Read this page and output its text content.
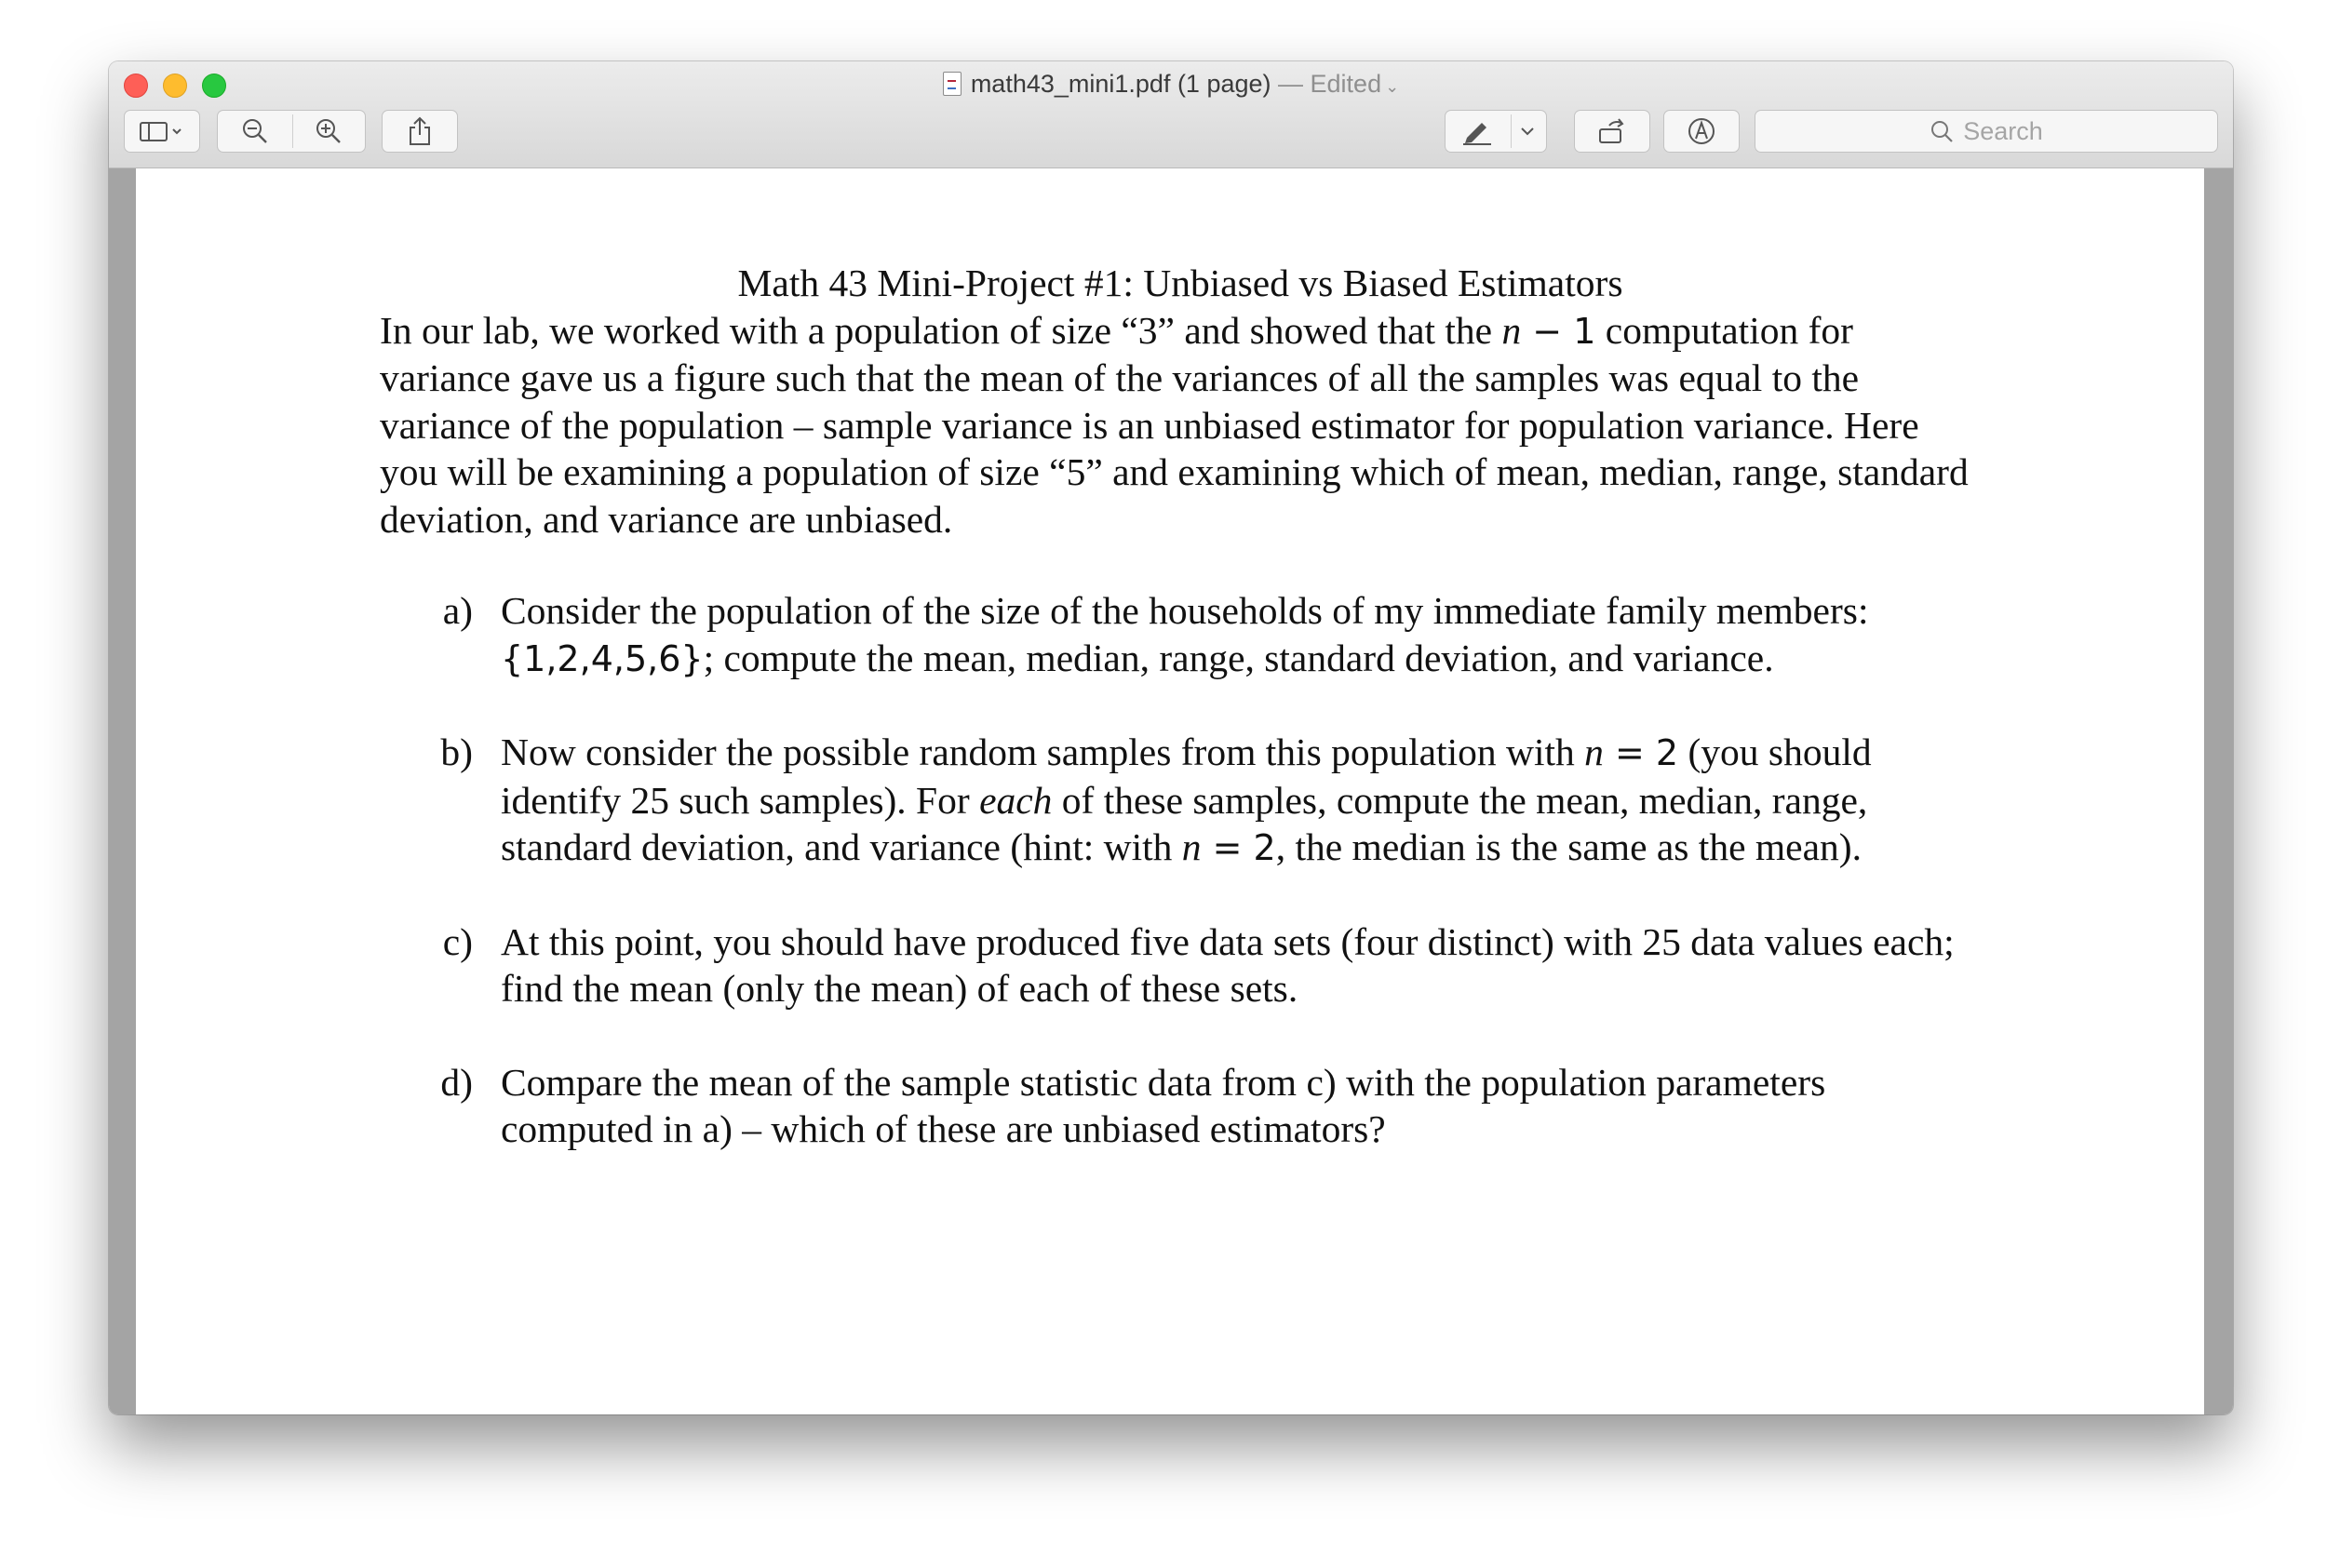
math43_mini1.pdf (1 page) — Edited ⌄
Search
Math 43 Mini-Project #1: Unbiased vs Biased Estimators

In our lab, we worked with a population of size “3” and showed that the n − 1 computation for variance gave us a figure such that the mean of the variances of all the samples was equal to the variance of the population – sample variance is an unbiased estimator for population variance. Here you will be examining a population of size “5” and examining which of mean, median, range, standard deviation, and variance are unbiased.

a) Consider the population of the size of the households of my immediate family members: {1,2,4,5,6}; compute the mean, median, range, standard deviation, and variance.
b) Now consider the possible random samples from this population with n = 2 (you should identify 25 such samples). For each of these samples, compute the mean, median, range, standard deviation, and variance (hint: with n = 2, the median is the same as the mean).
c) At this point, you should have produced five data sets (four distinct) with 25 data values each; find the mean (only the mean) of each of these sets.
d) Compare the mean of the sample statistic data from c) with the population parameters computed in a) – which of these are unbiased estimators?
